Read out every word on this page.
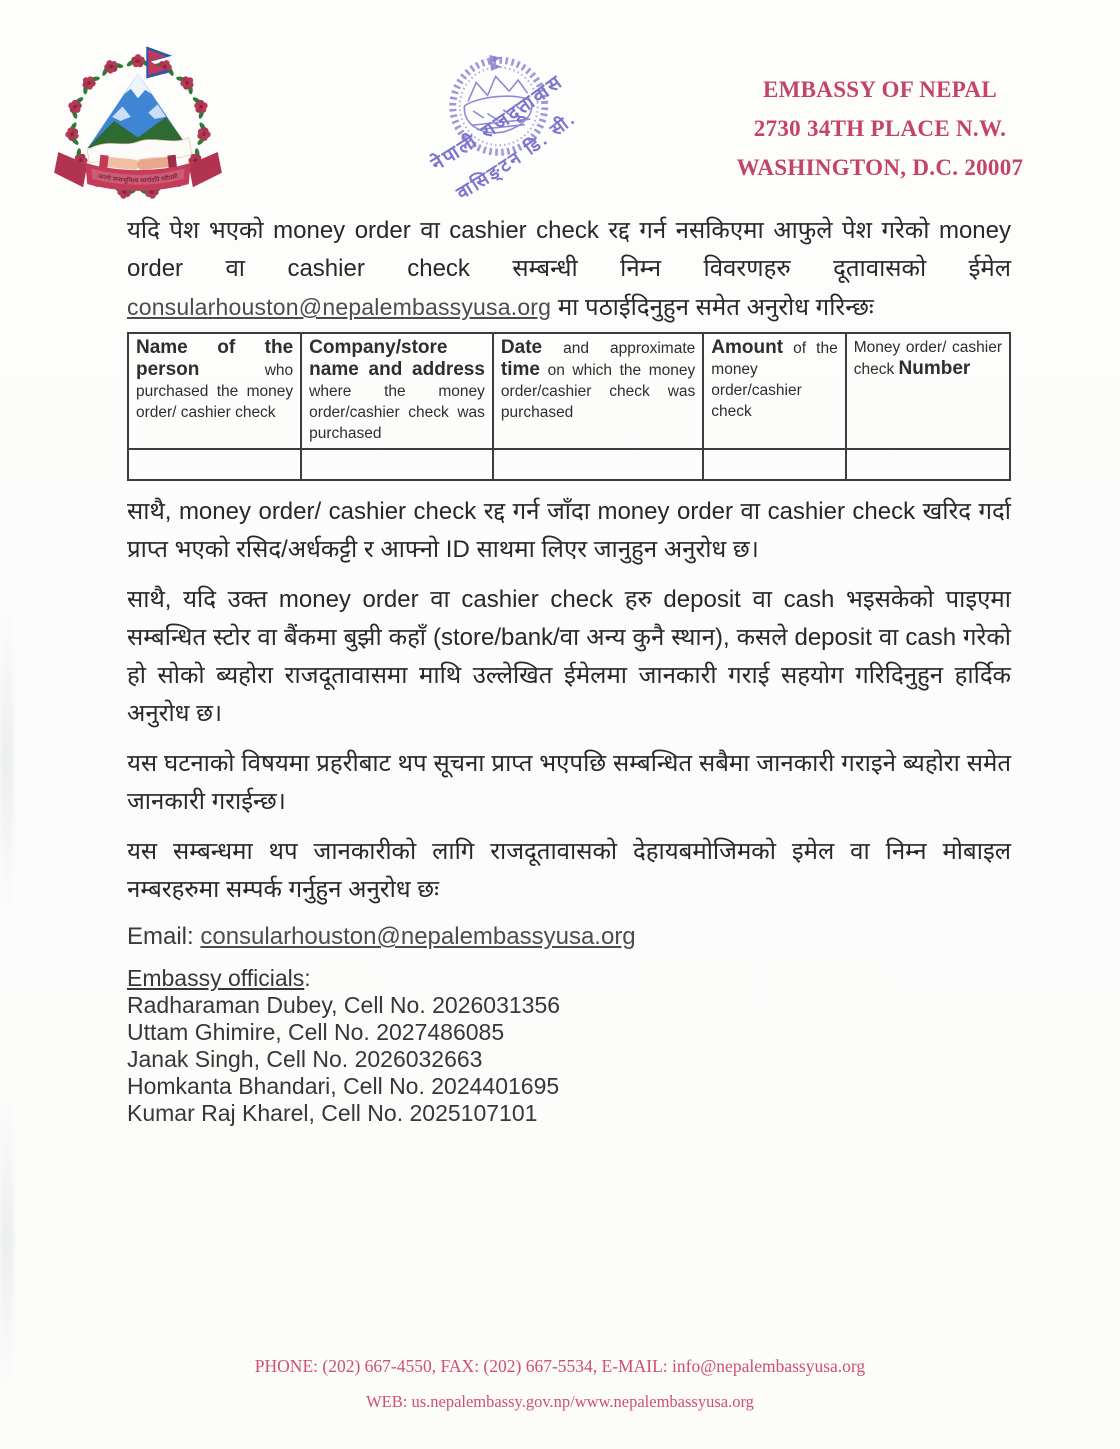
जननी जन्मभूमिश्च स्वर्गादपि गरीयसी
नेपाली राजदूतावास
वासिङ्टन डि. सी.
EMBASSY OF NEPAL
2730 34TH PLACE N.W.
WASHINGTON, D.C. 20007

यदि पेश भएको money order वा cashier check रद्द गर्न नसकिएमा आफुले पेश गरेको money order वा cashier check सम्बन्धी निम्न विवरणहरु दूतावासको ईमेल consularhouston@nepalembassyusa.org मा पठाईदिनुहुन समेत अनुरोध गरिन्छः

Name of the person who purchased the money order/ cashier check	Company/store name and address where the money order/cashier check was purchased	Date and approximate time on which the money order/cashier check was purchased	Amount of the money order/cashier check	Money order/ cashier check Number

साथै, money order/ cashier check रद्द गर्न जाँदा money order वा cashier check खरिद गर्दा प्राप्त भएको रसिद/अर्धकट्टी र आफ्नो ID साथमा लिएर जानुहुन अनुरोध छ।

साथै, यदि उक्त money order वा cashier check हरु deposit वा cash भइसकेको पाइएमा सम्बन्धित स्टोर वा बैंकमा बुझी कहाँ (store/bank/वा अन्य कुनै स्थान), कसले deposit वा cash गरेको हो सोको ब्यहोरा राजदूतावासमा माथि उल्लेखित ईमेलमा जानकारी गराई सहयोग गरिदिनुहुन हार्दिक अनुरोध छ।

यस घटनाको विषयमा प्रहरीबाट थप सूचना प्राप्त भएपछि सम्बन्धित सबैमा जानकारी गराइने ब्यहोरा समेत जानकारी गराईन्छ।

यस सम्बन्धमा थप जानकारीको लागि राजदूतावासको देहायबमोजिमको इमेल वा निम्न मोबाइल नम्बरहरुमा सम्पर्क गर्नुहुन अनुरोध छः

Email: consularhouston@nepalembassyusa.org
Embassy officials:
Radharaman Dubey, Cell No. 2026031356
Uttam Ghimire, Cell No. 2027486085
Janak Singh, Cell No. 2026032663
Homkanta Bhandari, Cell No. 2024401695
Kumar Raj Kharel, Cell No. 2025107101
PHONE: (202) 667-4550, FAX: (202) 667-5534, E-MAIL: info@nepalembassyusa.org
WEB: us.nepalembassy.gov.np/www.nepalembassyusa.org
